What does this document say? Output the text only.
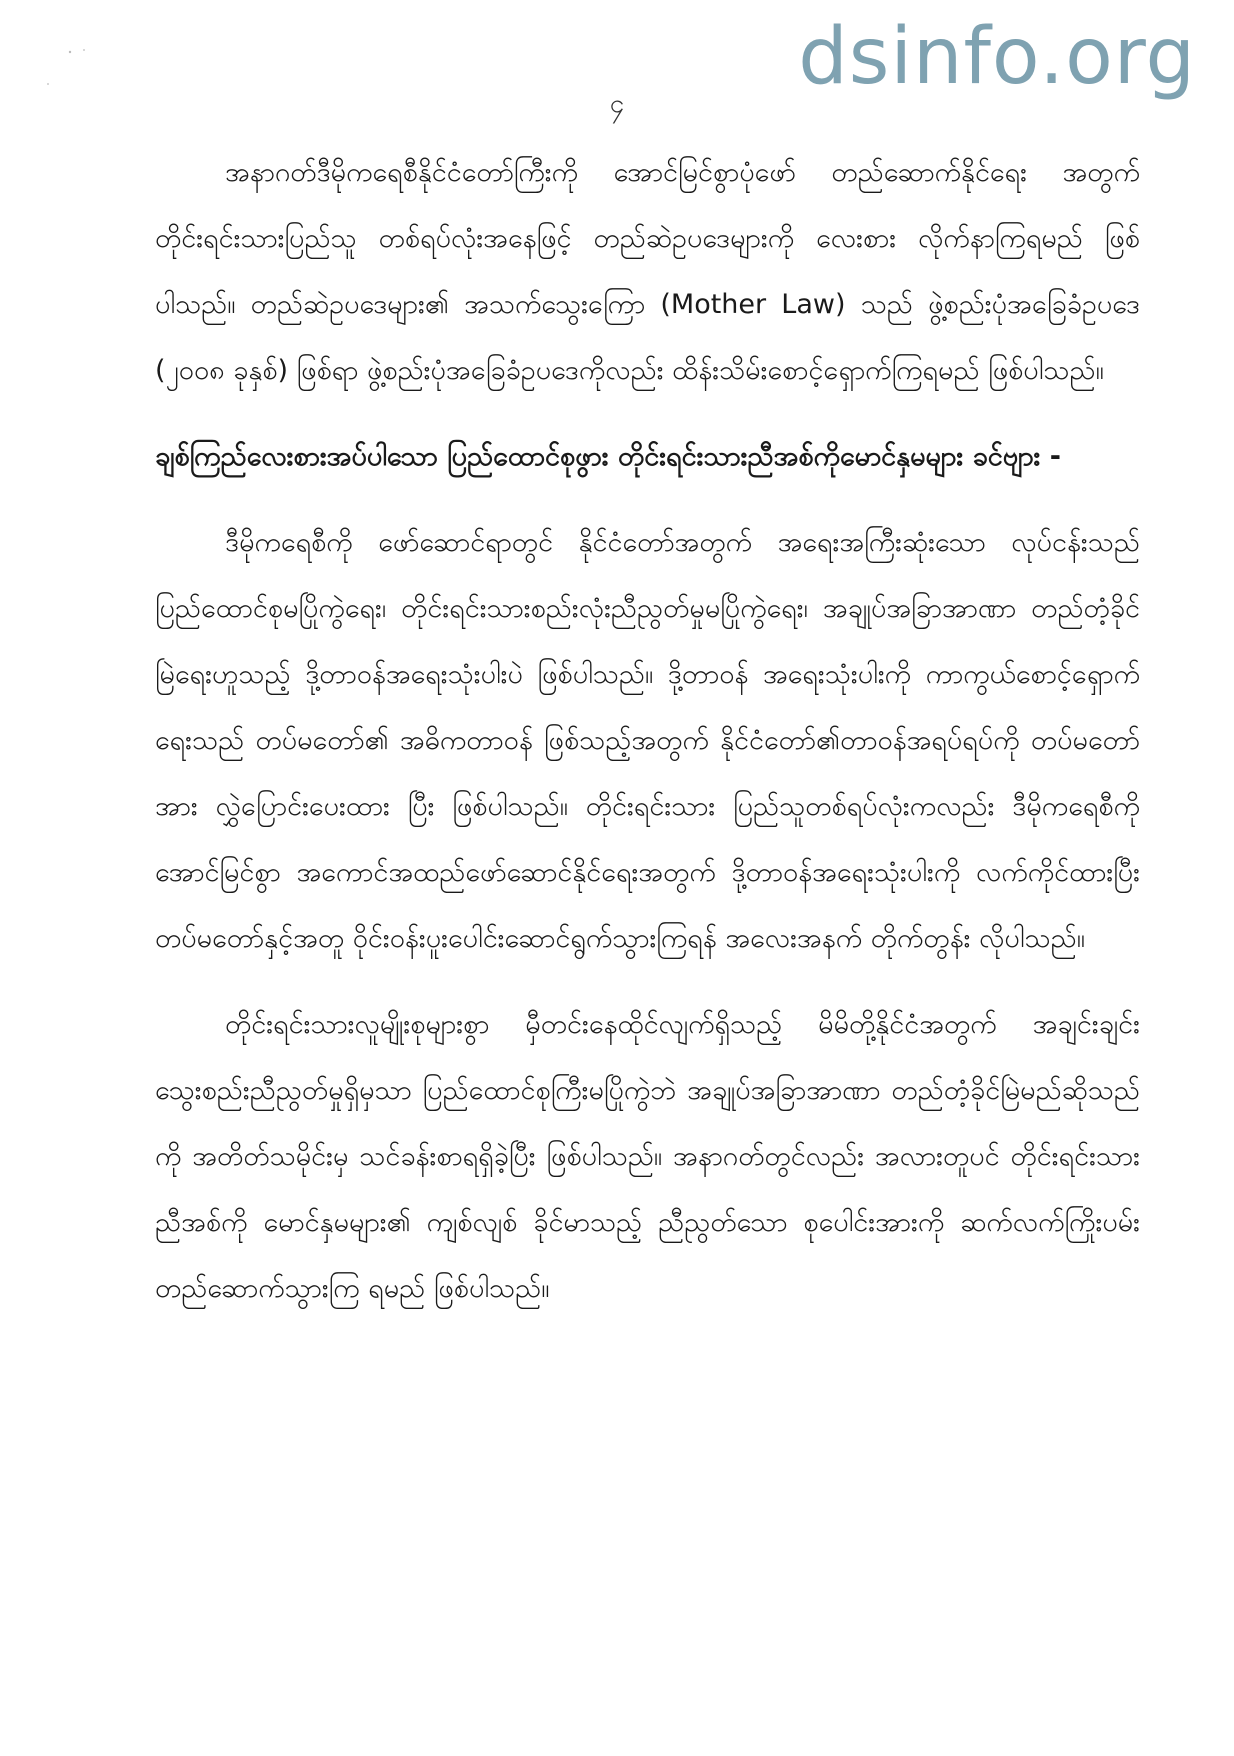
dsinfo.org
၄

အနာဂတ်ဒီမိုကရေစီနိုင်ငံတော်ကြီးကို အောင်မြင်စွာပုံဖော် တည်ဆောက်နိုင်ရေး အတွက် တိုင်းရင်းသားပြည်သူ တစ်ရပ်လုံးအနေဖြင့် တည်ဆဲဥပဒေများကို လေးစား လိုက်နာကြရမည် ဖြစ်ပါသည်။ တည်ဆဲဥပဒေများ၏ အသက်သွေးကြော (Mother Law) သည် ဖွဲ့စည်းပုံအခြေခံဥပဒေ (၂၀၀၈ ခုနှစ်) ဖြစ်ရာ ဖွဲ့စည်းပုံအခြေခံဥပဒေကိုလည်း ထိန်းသိမ်းစောင့်ရှောက်ကြရမည် ဖြစ်ပါသည်။

ချစ်ကြည်လေးစားအပ်ပါသော ပြည်ထောင်စုဖွား တိုင်းရင်းသားညီအစ်ကိုမောင်နှမများ ခင်ဗျား -

ဒီမိုကရေစီကို ဖော်ဆောင်ရာတွင် နိုင်ငံတော်အတွက် အရေးအကြီးဆုံးသော လုပ်ငန်းသည် ပြည်ထောင်စုမပြိုကွဲရေး၊ တိုင်းရင်းသားစည်းလုံးညီညွတ်မှုမပြိုကွဲရေး၊ အချုပ်အခြာအာဏာ တည်တံ့ခိုင်မြဲရေးဟူသည့် ဒို့တာဝန်အရေးသုံးပါးပဲ ဖြစ်ပါသည်။ ဒို့တာဝန် အရေးသုံးပါးကို ကာကွယ်စောင့်ရှောက်ရေးသည် တပ်မတော်၏ အဓိကတာဝန် ဖြစ်သည့်အတွက် နိုင်ငံတော်၏တာဝန်အရပ်ရပ်ကို တပ်မတော်အား လွှဲပြောင်းပေးထား ပြီး ဖြစ်ပါသည်။ တိုင်းရင်းသား ပြည်သူတစ်ရပ်လုံးကလည်း ဒီမိုကရေစီကို အောင်မြင်စွာ အကောင်အထည်ဖော်ဆောင်နိုင်ရေးအတွက် ဒို့တာဝန်အရေးသုံးပါးကို လက်ကိုင်ထားပြီး တပ်မတော်နှင့်အတူ ဝိုင်းဝန်းပူးပေါင်းဆောင်ရွက်သွားကြရန် အလေးအနက် တိုက်တွန်း လိုပါသည်။

တိုင်းရင်းသားလူမျိုးစုများစွာ မှီတင်းနေထိုင်လျက်ရှိသည့် မိမိတို့နိုင်ငံအတွက် အချင်းချင်း သွေးစည်းညီညွတ်မှုရှိမှသာ ပြည်ထောင်စုကြီးမပြိုကွဲဘဲ အချုပ်အခြာအာဏာ တည်တံ့ခိုင်မြဲမည်ဆိုသည်ကို အတိတ်သမိုင်းမှ သင်ခန်းစာရရှိခဲ့ပြီး ဖြစ်ပါသည်။ အနာဂတ်တွင်လည်း အလားတူပင် တိုင်းရင်းသားညီအစ်ကို မောင်နှမများ၏ ကျစ်လျစ် ခိုင်မာသည့် ညီညွတ်သော စုပေါင်းအားကို ဆက်လက်ကြိုးပမ်း တည်ဆောက်သွားကြ ရမည် ဖြစ်ပါသည်။
